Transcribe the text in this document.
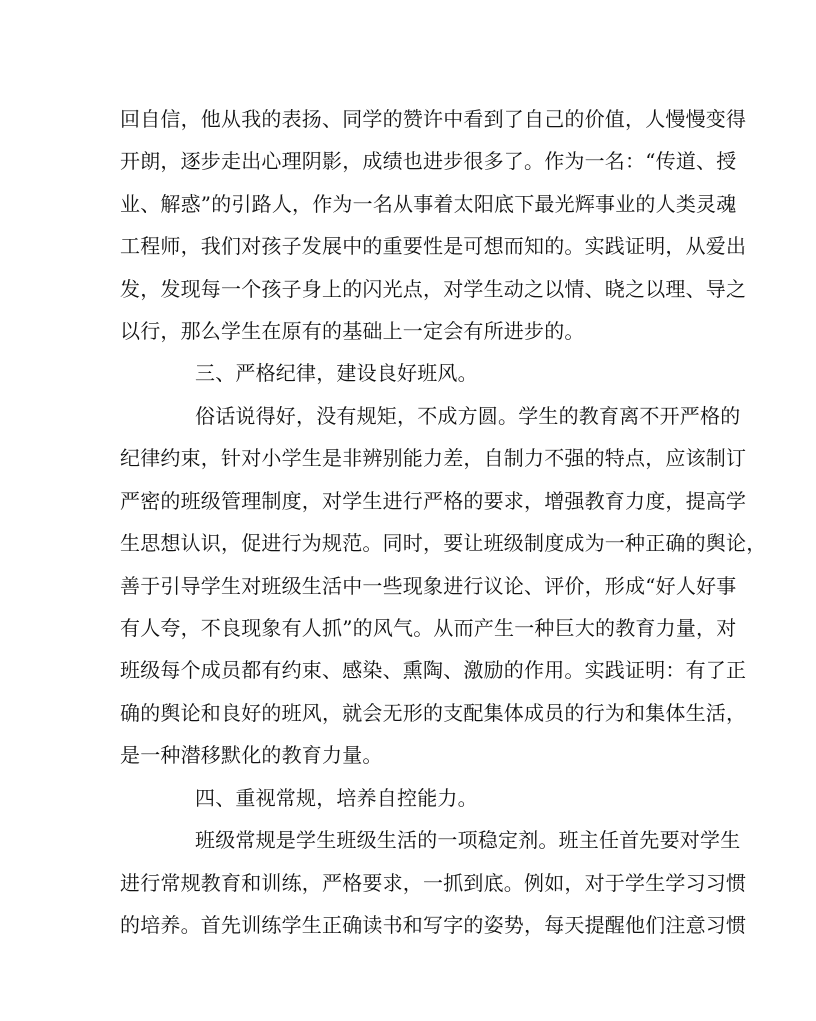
回自信，他从我的表扬、同学的赞许中看到了自己的价值，人慢慢变得
开朗，逐步走出心理阴影，成绩也进步很多了。作为一名：“传道、授
业、解惑”的引路人，作为一名从事着太阳底下最光辉事业的人类灵魂
工程师，我们对孩子发展中的重要性是可想而知的。实践证明，从爱出
发，发现每一个孩子身上的闪光点，对学生动之以情、晓之以理、导之
以行，那么学生在原有的基础上一定会有所进步的。
三、严格纪律，建设良好班风。
俗话说得好，没有规矩，不成方圆。学生的教育离不开严格的
纪律约束，针对小学生是非辨别能力差，自制力不强的特点，应该制订
严密的班级管理制度，对学生进行严格的要求，增强教育力度，提高学
生思想认识，促进行为规范。同时，要让班级制度成为一种正确的舆论，
善于引导学生对班级生活中一些现象进行议论、评价，形成“好人好事
有人夸，不良现象有人抓”的风气。从而产生一种巨大的教育力量，对
班级每个成员都有约束、感染、熏陶、激励的作用。实践证明：有了正
确的舆论和良好的班风，就会无形的支配集体成员的行为和集体生活，
是一种潜移默化的教育力量。
四、重视常规，培养自控能力。
班级常规是学生班级生活的一项稳定剂。班主任首先要对学生
进行常规教育和训练，严格要求，一抓到底。例如，对于学生学习习惯
的培养。首先训练学生正确读书和写字的姿势，每天提醒他们注意习惯
